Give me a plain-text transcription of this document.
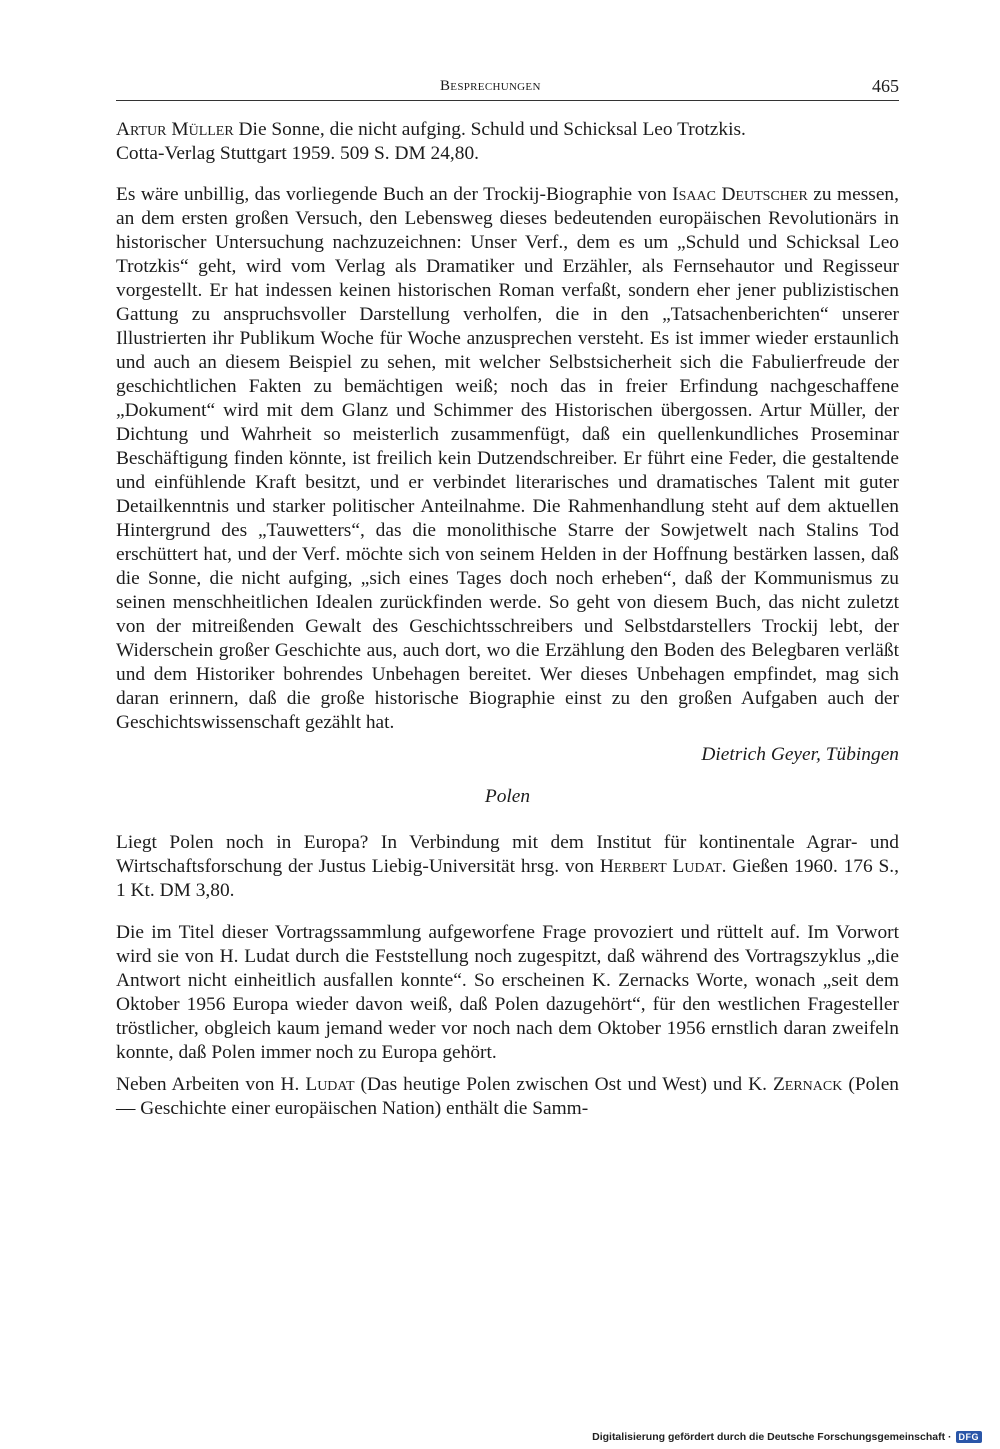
Besprechungen	465

Artur Müller Die Sonne, die nicht aufging. Schuld und Schicksal Leo Trotzkis.
Cotta-Verlag Stuttgart 1959. 509 S. DM 24,80.

Es wäre unbillig, das vorliegende Buch an der Trockij-Biographie von Isaac Deutscher zu messen, an dem ersten großen Versuch, den Lebensweg dieses bedeutenden europäischen Revolutionärs in historischer Untersuchung nachzuzeichnen: Unser Verf., dem es um „Schuld und Schicksal Leo Trotzkis“ geht, wird vom Verlag als Dramatiker und Erzähler, als Fernsehautor und Regisseur vorgestellt. Er hat indessen keinen historischen Roman verfaßt, sondern eher jener publizistischen Gattung zu anspruchsvoller Darstellung verholfen, die in den „Tatsachenberichten“ unserer Illustrierten ihr Publikum Woche für Woche anzusprechen versteht. Es ist immer wieder erstaunlich und auch an diesem Beispiel zu sehen, mit welcher Selbstsicherheit sich die Fabulierfreude der geschichtlichen Fakten zu bemächtigen weiß; noch das in freier Erfindung nachgeschaffene „Dokument“ wird mit dem Glanz und Schimmer des Historischen übergossen. Artur Müller, der Dichtung und Wahrheit so meisterlich zusammenfügt, daß ein quellenkundliches Proseminar Beschäftigung finden könnte, ist freilich kein Dutzendschreiber. Er führt eine Feder, die gestaltende und einfühlende Kraft besitzt, und er verbindet literarisches und dramatisches Talent mit guter Detailkenntnis und starker politischer Anteilnahme. Die Rahmenhandlung steht auf dem aktuellen Hintergrund des „Tauwetters“, das die monolithische Starre der Sowjetwelt nach Stalins Tod erschüttert hat, und der Verf. möchte sich von seinem Helden in der Hoffnung bestärken lassen, daß die Sonne, die nicht aufging, „sich eines Tages doch noch erheben“, daß der Kommunismus zu seinen menschheitlichen Idealen zurückfinden werde. So geht von diesem Buch, das nicht zuletzt von der mitreißenden Gewalt des Geschichtsschreibers und Selbstdarstellers Trockij lebt, der Widerschein großer Geschichte aus, auch dort, wo die Erzählung den Boden des Belegbaren verläßt und dem Historiker bohrendes Unbehagen bereitet. Wer dieses Unbehagen empfindet, mag sich daran erinnern, daß die große historische Biographie einst zu den großen Aufgaben auch der Geschichtswissenschaft gezählt hat.

Dietrich Geyer, Tübingen
Polen

Liegt Polen noch in Europa? In Verbindung mit dem Institut für kontinentale Agrar- und Wirtschaftsforschung der Justus Liebig-Universität hrsg. von Herbert Ludat. Gießen 1960. 176 S., 1 Kt. DM 3,80.

Die im Titel dieser Vortragssammlung aufgeworfene Frage provoziert und rüttelt auf. Im Vorwort wird sie von H. Ludat durch die Feststellung noch zugespitzt, daß während des Vortragszyklus „die Antwort nicht einheitlich ausfallen konnte“. So erscheinen K. Zernacks Worte, wonach „seit dem Oktober 1956 Europa wieder davon weiß, daß Polen dazugehört“, für den westlichen Fragesteller tröstlicher, obgleich kaum jemand weder vor noch nach dem Oktober 1956 ernstlich daran zweifeln konnte, daß Polen immer noch zu Europa gehört.

Neben Arbeiten von H. Ludat (Das heutige Polen zwischen Ost und West) und K. Zernack (Polen — Geschichte einer europäischen Nation) enthält die Samm-

Digitalisierung gefördert durch die Deutsche Forschungsgemeinschaft · DFG
